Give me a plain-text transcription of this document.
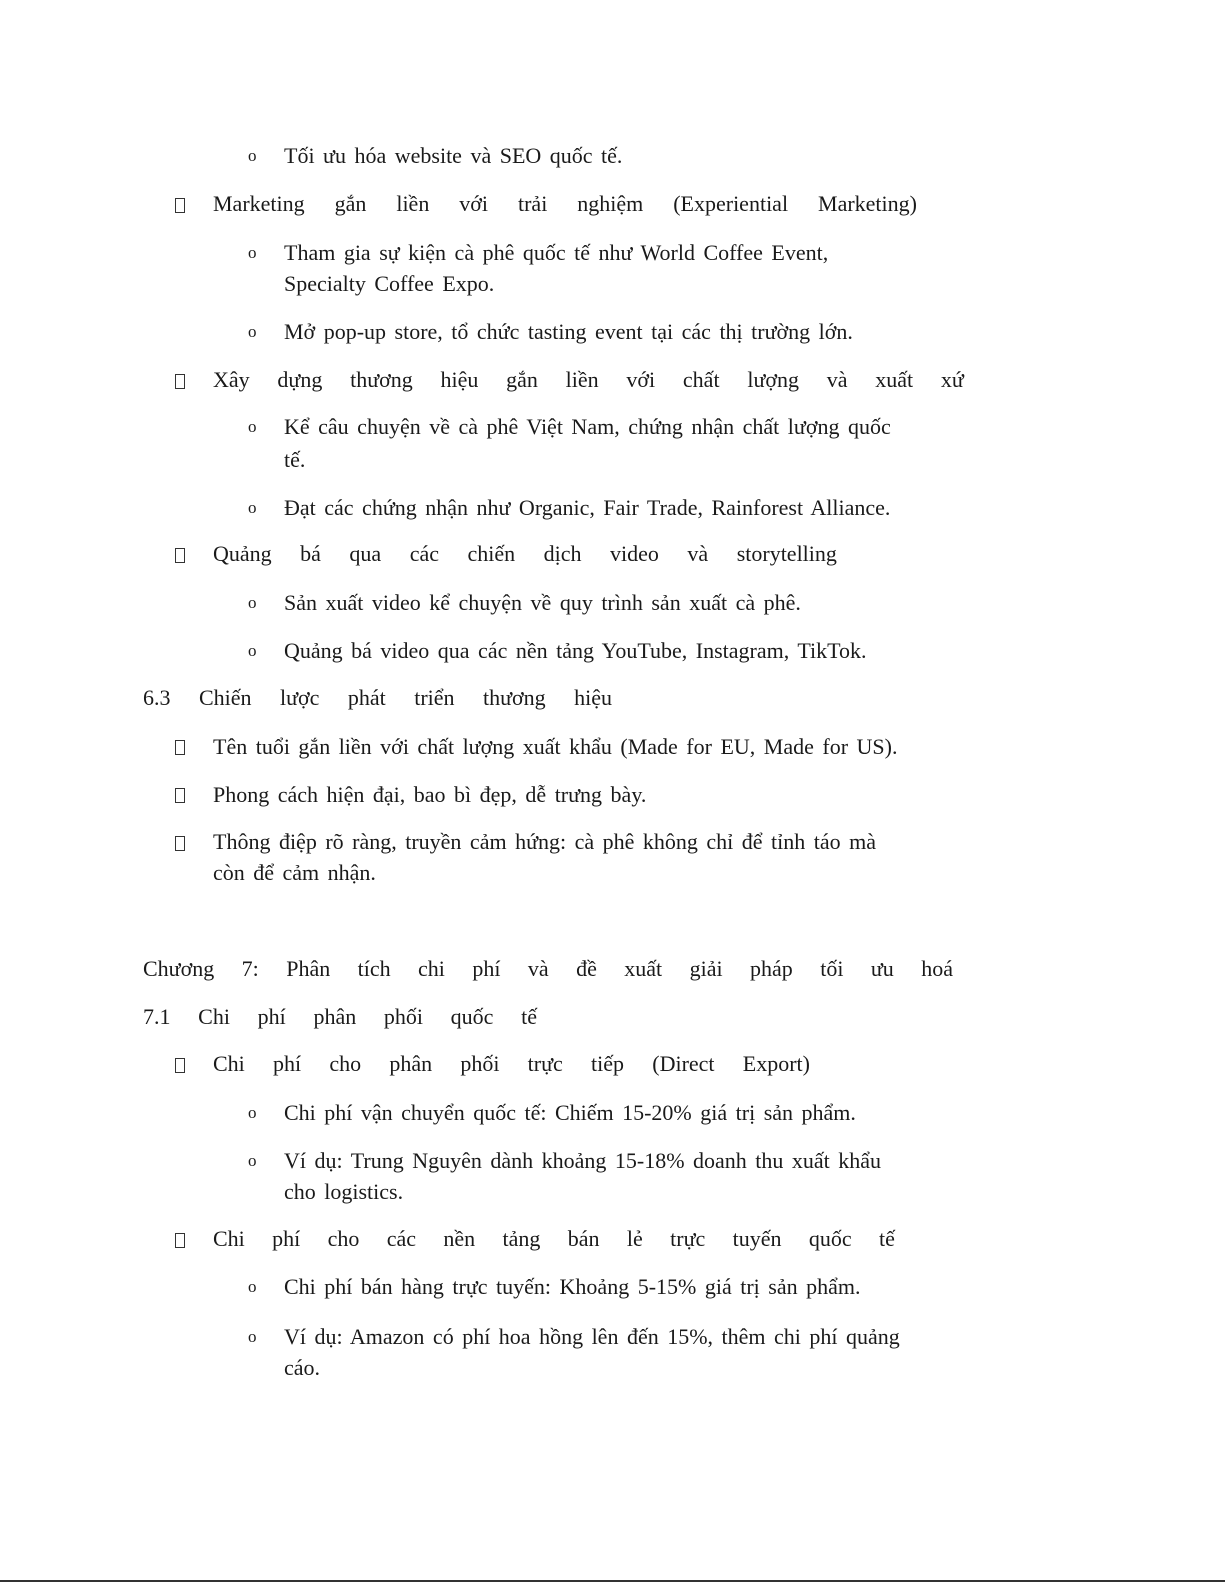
o Tối ưu hóa website và SEO quốc tế.
Marketing gắn liền với trải nghiệm (Experiential Marketing)
o Tham gia sự kiện cà phê quốc tế như World Coffee Event,
Specialty Coffee Expo.
o Mở pop-up store, tổ chức tasting event tại các thị trường lớn.
Xây dựng thương hiệu gắn liền với chất lượng và xuất xứ
o Kể câu chuyện về cà phê Việt Nam, chứng nhận chất lượng quốc
tế.
o Đạt các chứng nhận như Organic, Fair Trade, Rainforest Alliance.
Quảng bá qua các chiến dịch video và storytelling
o Sản xuất video kể chuyện về quy trình sản xuất cà phê.
o Quảng bá video qua các nền tảng YouTube, Instagram, TikTok.
6.3 Chiến lược phát triển thương hiệu
Tên tuổi gắn liền với chất lượng xuất khẩu (Made for EU, Made for US).
Phong cách hiện đại, bao bì đẹp, dễ trưng bày.
Thông điệp rõ ràng, truyền cảm hứng: cà phê không chỉ để tỉnh táo mà
còn để cảm nhận.
Chương 7: Phân tích chi phí và đề xuất giải pháp tối ưu hoá
7.1 Chi phí phân phối quốc tế
Chi phí cho phân phối trực tiếp (Direct Export)
o Chi phí vận chuyển quốc tế: Chiếm 15-20% giá trị sản phẩm.
o Ví dụ: Trung Nguyên dành khoảng 15-18% doanh thu xuất khẩu
cho logistics.
Chi phí cho các nền tảng bán lẻ trực tuyến quốc tế
o Chi phí bán hàng trực tuyến: Khoảng 5-15% giá trị sản phẩm.
o Ví dụ: Amazon có phí hoa hồng lên đến 15%, thêm chi phí quảng
cáo.
